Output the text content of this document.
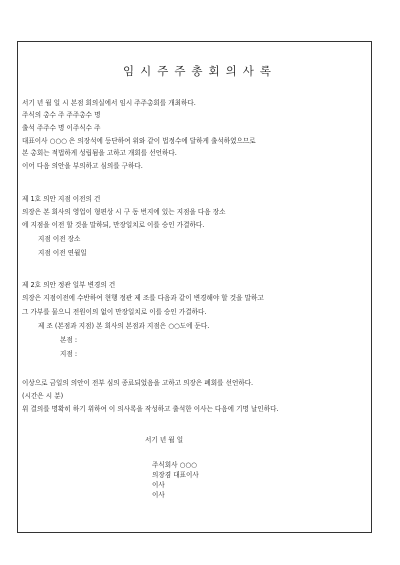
임시주주총회의사록
서기 년 월 일 시 본점 회의실에서 임시 주주총회를 개최하다.
주식의 총수 주 주주총수 명
출석 주주수 명 이주식수 주
대표이사 ○○○ 은 의장석에 등단하여 위와 같이 법정수에 달하게 출석하였으므로
본 총회는 적법하게 성립됨을 고하고 개회를 선언하다.
이어 다음 의안을 부의하고 심의를 구하다.
제 1호 의안 지점 이전의 건
의장은 본 회사의 영업이 형편상 시 구 동 번지에 있는 지점을 다음 장소
에 지점을 이전 할 것을 말하되, 만장일치로 이를 승인 가결하다.
지점 이전 장소
지점 이전 연월일
제 2호 의안 정관 일부 변경의 건
의장은 지점이전에 수반하여 현행 정관 제 조를 다음과 같이 변경해야 할 것을 말하고
그 가부를 물으니 전원이의 없이 만장일치로 이를 승인 가결하다.
제 조 (본점과 지점) 본 회사의 본점과 지점은 ○○도에 둔다.
본점 :
지점 :
이상으로 금일의 의안이 전부 심의 종료되었음을 고하고 의장은 폐회를 선언하다.
(시간은 시 분)
위 결의를 명확히 하기 위하여 이 의사록을 작성하고 출석한 이사는 다음에 기명 날인하다.
서기 년 월 일
주식회사 ○○○
의장겸 대표이사
이사
이사
